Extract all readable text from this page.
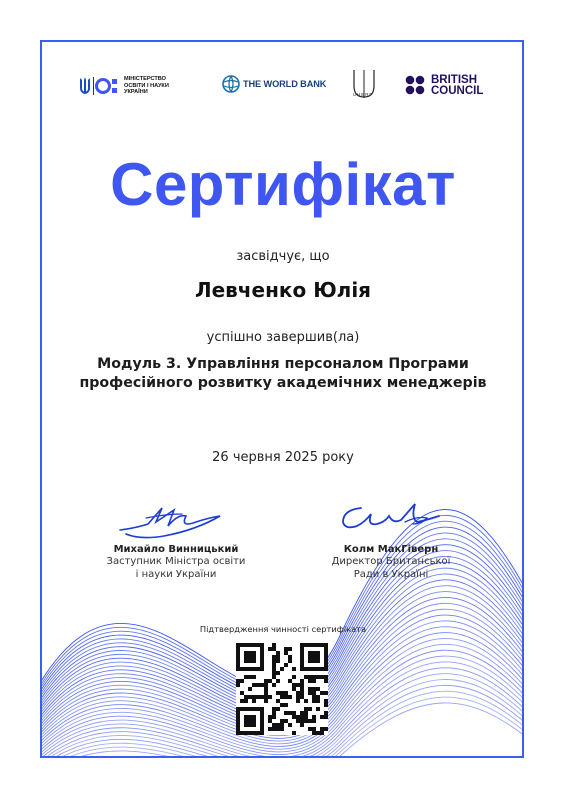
МІНІСТЕРСТВО ОСВІТИ І НАУКИ УКРАЇНИ
THE WORLD BANK
UHERP
BRITISH
COUNCIL
Сертифікат
засвідчує, що
Левченко Юлія
успішно завершив(ла)
Модуль 3. Управління персоналом Програми
професійного розвитку академічних менеджерів
26 червня 2025 року
Михайло Винницький
Заступник Міністра освіти
і науки України
Колм МакГіверн
Директор Британської
Ради в Україні
Підтвердження чинності сертифіката
